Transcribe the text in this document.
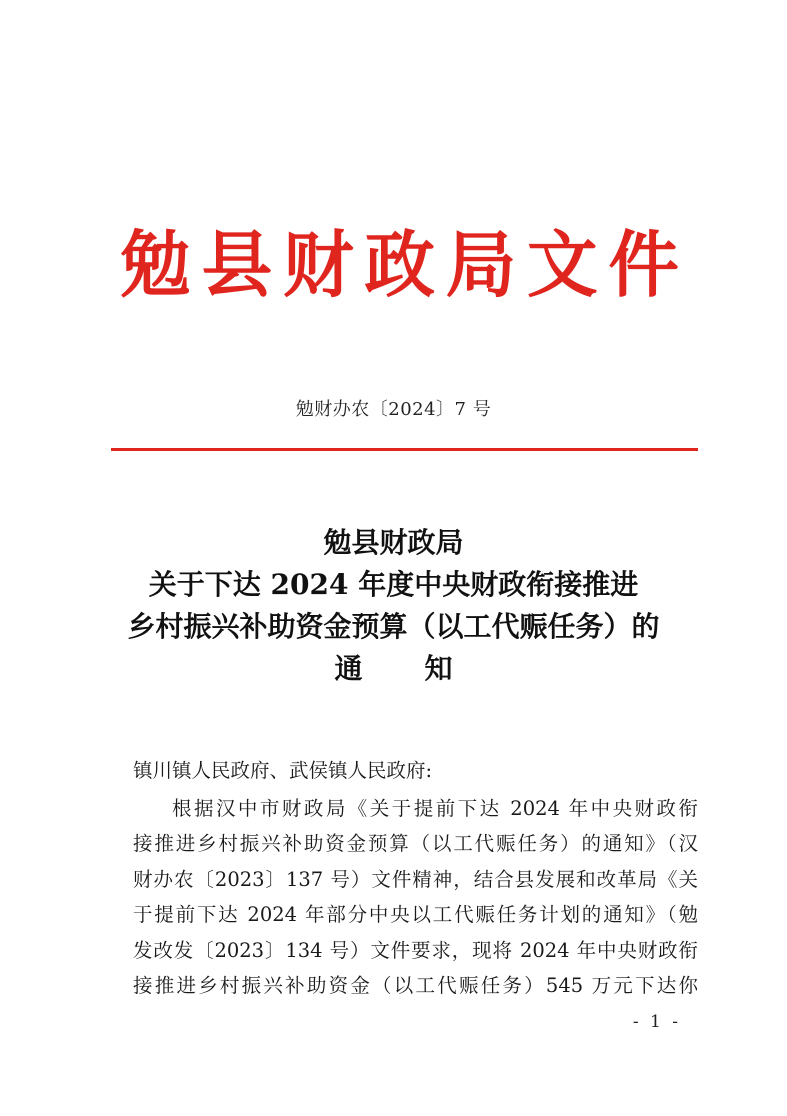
勉县财政局文件
勉财办农〔2024〕7 号
勉县财政局
关于下达 2024 年度中央财政衔接推进
乡村振兴补助资金预算（以工代赈任务）的
通知
镇川镇人民政府、武侯镇人民政府:
根据汉中市财政局《关于提前下达 2024 年中央财政衔
接推进乡村振兴补助资金预算（以工代赈任务）的通知》（汉
财办农〔2023〕137 号）文件精神，结合县发展和改革局《关
于提前下达 2024 年部分中央以工代赈任务计划的通知》（勉
发改发〔2023〕134 号）文件要求，现将 2024 年中央财政衔
接推进乡村振兴补助资金（以工代赈任务）545 万元下达你
- 1 -
